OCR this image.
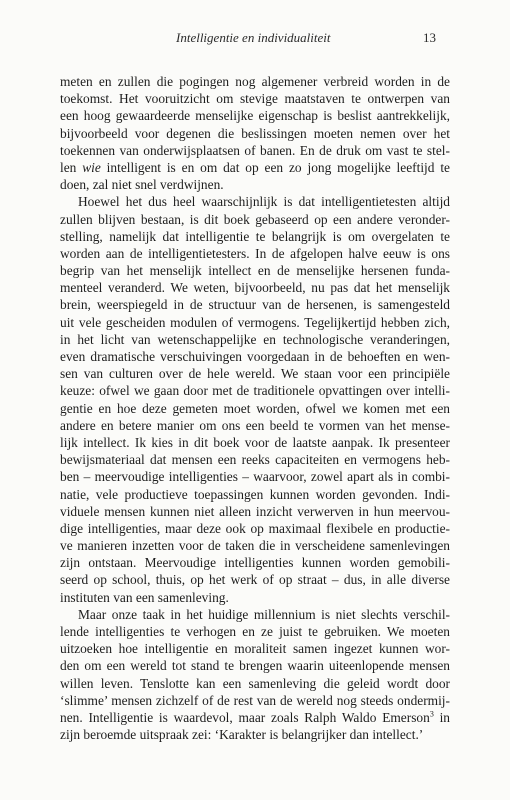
Intelligentie en individualiteit	13
meten en zullen die pogingen nog algemener verbreid worden in de
toekomst. Het vooruitzicht om stevige maatstaven te ontwerpen van
een hoog gewaardeerde menselijke eigenschap is beslist aantrekkelijk,
bijvoorbeeld voor degenen die beslissingen moeten nemen over het
toekennen van onderwijsplaatsen of banen. En de druk om vast te stel-
len wie intelligent is en om dat op een zo jong mogelijke leeftijd te
doen, zal niet snel verdwijnen.
Hoewel het dus heel waarschijnlijk is dat intelligentietesten altijd
zullen blijven bestaan, is dit boek gebaseerd op een andere veronder-
stelling, namelijk dat intelligentie te belangrijk is om overgelaten te
worden aan de intelligentietesters. In de afgelopen halve eeuw is ons
begrip van het menselijk intellect en de menselijke hersenen funda-
menteel veranderd. We weten, bijvoorbeeld, nu pas dat het menselijk
brein, weerspiegeld in de structuur van de hersenen, is samengesteld
uit vele gescheiden modulen of vermogens. Tegelijkertijd hebben zich,
in het licht van wetenschappelijke en technologische veranderingen,
even dramatische verschuivingen voorgedaan in de behoeften en wen-
sen van culturen over de hele wereld. We staan voor een principiële
keuze: ofwel we gaan door met de traditionele opvattingen over intelli-
gentie en hoe deze gemeten moet worden, ofwel we komen met een
andere en betere manier om ons een beeld te vormen van het mense-
lijk intellect. Ik kies in dit boek voor de laatste aanpak. Ik presenteer
bewijsmateriaal dat mensen een reeks capaciteiten en vermogens heb-
ben – meervoudige intelligenties – waarvoor, zowel apart als in combi-
natie, vele productieve toepassingen kunnen worden gevonden. Indi-
viduele mensen kunnen niet alleen inzicht verwerven in hun meervou-
dige intelligenties, maar deze ook op maximaal flexibele en productie-
ve manieren inzetten voor de taken die in verscheidene samenlevingen
zijn ontstaan. Meervoudige intelligenties kunnen worden gemobili-
seerd op school, thuis, op het werk of op straat – dus, in alle diverse
instituten van een samenleving.
Maar onze taak in het huidige millennium is niet slechts verschil-
lende intelligenties te verhogen en ze juist te gebruiken. We moeten
uitzoeken hoe intelligentie en moraliteit samen ingezet kunnen wor-
den om een wereld tot stand te brengen waarin uiteenlopende mensen
willen leven. Tenslotte kan een samenleving die geleid wordt door
‘slimme’ mensen zichzelf of de rest van de wereld nog steeds ondermij-
nen. Intelligentie is waardevol, maar zoals Ralph Waldo Emerson$^3$ in
zijn beroemde uitspraak zei: ‘Karakter is belangrijker dan intellect.’
